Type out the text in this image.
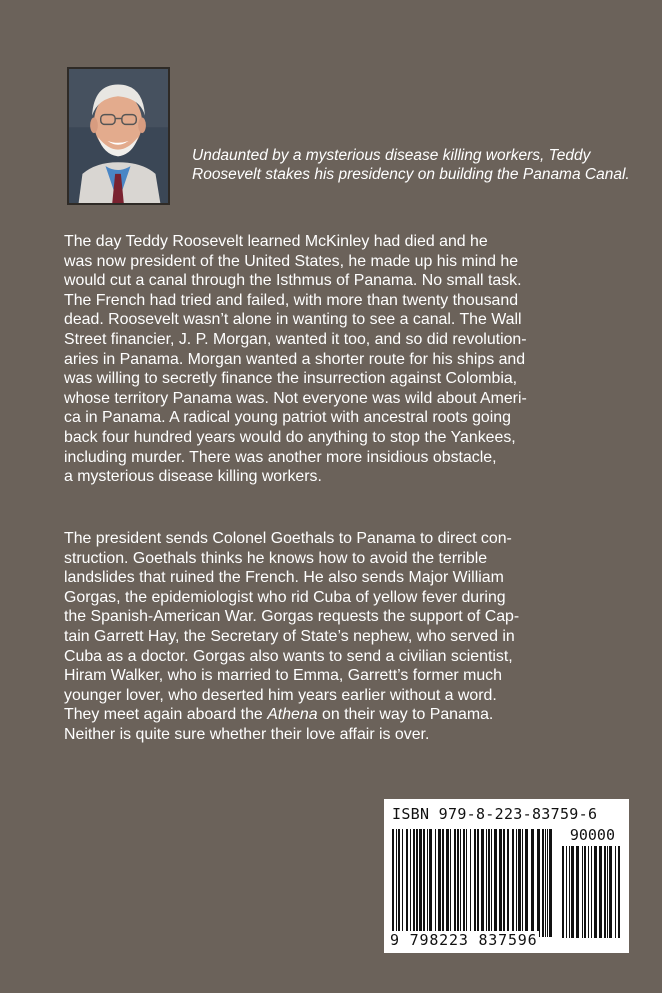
Undaunted by a mysterious disease killing workers, Teddy Roosevelt stakes his presidency on building the Panama Canal.

The day Teddy Roosevelt learned McKinley had died and he
was now president of the United States, he made up his mind he
would cut a canal through the Isthmus of Panama. No small task.
The French had tried and failed, with more than twenty thousand
dead. Roosevelt wasn’t alone in wanting to see a canal. The Wall
Street financier, J. P. Morgan, wanted it too, and so did revolution-
aries in Panama. Morgan wanted a shorter route for his ships and
was willing to secretly finance the insurrection against Colombia,
whose territory Panama was. Not everyone was wild about Ameri-
ca in Panama. A radical young patriot with ancestral roots going
back four hundred years would do anything to stop the Yankees,
including murder. There was another more insidious obstacle,
a mysterious disease killing workers.

The president sends Colonel Goethals to Panama to direct con-
struction. Goethals thinks he knows how to avoid the terrible
landslides that ruined the French. He also sends Major William
Gorgas, the epidemiologist who rid Cuba of yellow fever during
the Spanish-American War. Gorgas requests the support of Cap-
tain Garrett Hay, the Secretary of State’s nephew, who served in
Cuba as a doctor. Gorgas also wants to send a civilian scientist,
Hiram Walker, who is married to Emma, Garrett’s former much
younger lover, who deserted him years earlier without a word.
They meet again aboard the Athena on their way to Panama.
Neither is quite sure whether their love affair is over.

ISBN 979-8-223-83759-6

90000

9 798223 837596
